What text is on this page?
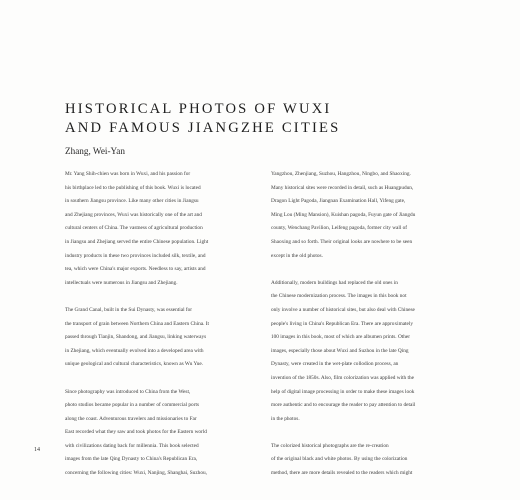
HISTORICAL PHOTOS OF WUXI
AND FAMOUS JIANGZHE CITIES
Zhang, Wei-Yan

Mr. Yang Shih-chien was born in Wuxi, and his passion for
his birthplace led to the publishing of this book. Wuxi is located
in southern Jiangsu province. Like many other cities in Jiangsu
and Zhejiang provinces, Wuxi was historically one of the art and
cultural centers of China. The vastness of agricultural production
in Jiangsu and Zhejiang served the entire Chinese population. Light
industry products in these two provinces included silk, textile, and
tea, which were China's major exports. Needless to say, artists and
intellectuals were numerous in Jiangsu and Zhejiang.

The Grand Canal, built in the Sui Dynasty, was essential for
the transport of grain between Northern China and Eastern China. It
passed through Tianjin, Shandong, and Jiangsu, linking waterways
in Zhejiang, which eventually evolved into a developed area with
unique geological and cultural characteristics, known as Wu Yue.

Since photography was introduced to China from the West,
photo studios became popular in a number of commercial ports
along the coast. Adventurous travelers and missionaries to Far
East recorded what they saw and took photos for the Eastern world
with civilizations dating back for millennia. This book selected
images from the late Qing Dynasty to China's Republican Era,
concerning the following cities: Wuxi, Nanjing, Shanghai, Suzhou,

Yangzhou, Zhenjiang, Suzhou, Hangzhou, Ningbo, and Shaoxing.
Many historical sites were recorded in detail, such as Huangpudun,
Dragon Light Pagoda, Jiangnan Examination Hall, Yifeng gate,
Ming Lou (Ming Mansion), Kuishan pagoda, Fuyun gate of Jiangdu
county, Wenchang Pavilion, Leifeng pagoda, former city wall of
Shaoxing and so forth. Their original looks are nowhere to be seen
except in the old photos.

Additionally, modern buildings had replaced the old ones in
the Chinese modernization process. The images in this book not
only involve a number of historical sites, but also deal with Chinese
people's living in China's Republican Era. There are approximately
100 images in this book, most of which are albumen prints. Other
images, especially those about Wuxi and Suzhou in the late Qing
Dynasty, were created in the wet-plate collodion process, an
invention of the 1850s. Also, film colorization was applied with the
help of digital image processing in order to make these images look
more authentic and to encourage the reader to pay attention to detail
in the photos.

The colorized historical photographs are the re-creation
of the original black and white photos. By using the colorization
method, there are more details revealed to the readers which might

14
